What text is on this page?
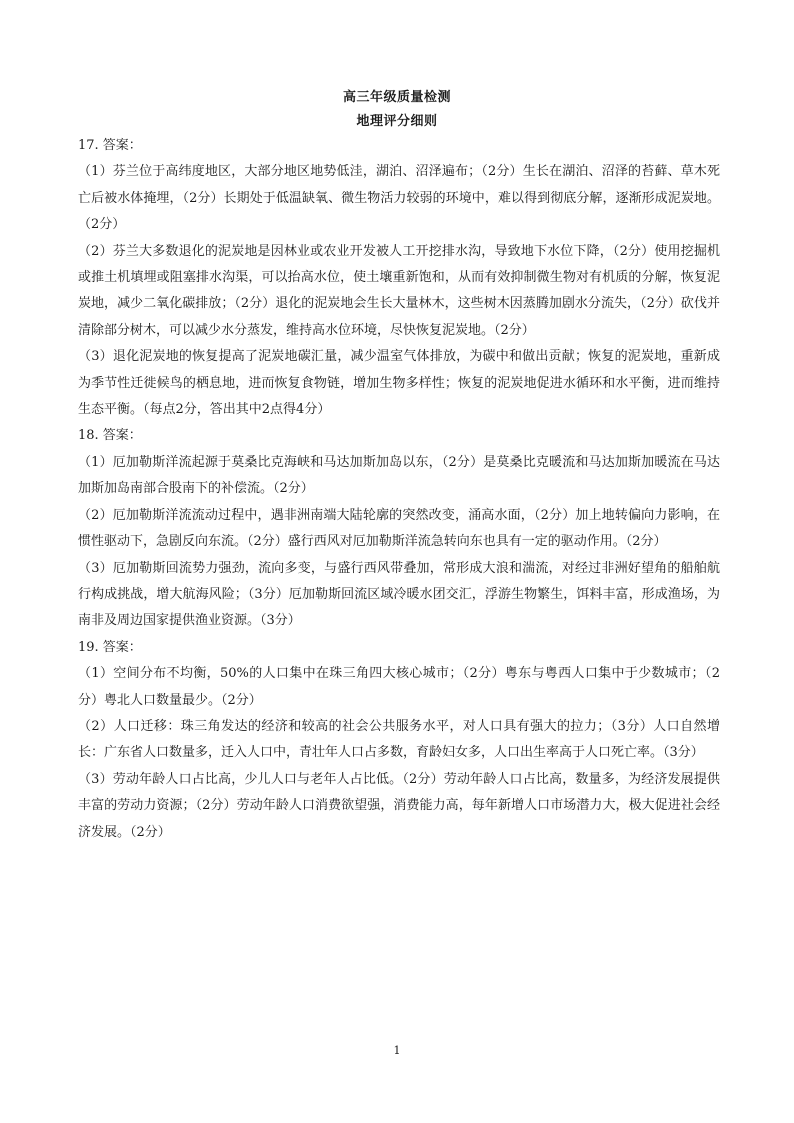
高三年级质量检测
地理评分细则

17. 答案：

（1）芬兰位于高纬度地区，大部分地区地势低洼，湖泊、沼泽遍布；（2分）生长在湖泊、沼泽的苔藓、草木死亡后被水体掩埋，（2分）长期处于低温缺氧、微生物活力较弱的环境中，难以得到彻底分解，逐渐形成泥炭地。（2分）

（2）芬兰大多数退化的泥炭地是因林业或农业开发被人工开挖排水沟，导致地下水位下降，（2分）使用挖掘机或推土机填埋或阻塞排水沟渠，可以抬高水位，使土壤重新饱和，从而有效抑制微生物对有机质的分解，恢复泥炭地，减少二氧化碳排放；（2分）退化的泥炭地会生长大量林木，这些树木因蒸腾加剧水分流失，（2分）砍伐并清除部分树木，可以减少水分蒸发，维持高水位环境，尽快恢复泥炭地。（2分）

（3）退化泥炭地的恢复提高了泥炭地碳汇量，减少温室气体排放，为碳中和做出贡献；恢复的泥炭地，重新成为季节性迁徙候鸟的栖息地，进而恢复食物链，增加生物多样性；恢复的泥炭地促进水循环和水平衡，进而维持生态平衡。（每点2分，答出其中2点得4分）

18. 答案：

（1）厄加勒斯洋流起源于莫桑比克海峡和马达加斯加岛以东，（2分）是莫桑比克暖流和马达加斯加暖流在马达加斯加岛南部合股南下的补偿流。（2分）

（2）厄加勒斯洋流流动过程中，遇非洲南端大陆轮廓的突然改变，涌高水面，（2分）加上地转偏向力影响，在惯性驱动下，急剧反向东流。（2分）盛行西风对厄加勒斯洋流急转向东也具有一定的驱动作用。（2分）

（3）厄加勒斯回流势力强劲，流向多变，与盛行西风带叠加，常形成大浪和湍流，对经过非洲好望角的船舶航行构成挑战，增大航海风险；（3分）厄加勒斯回流区域冷暖水团交汇，浮游生物繁生，饵料丰富，形成渔场，为南非及周边国家提供渔业资源。（3分）

19. 答案：

（1）空间分布不均衡，50%的人口集中在珠三角四大核心城市；（2分）粤东与粤西人口集中于少数城市；（2分）粤北人口数量最少。（2分）

（2）人口迁移：珠三角发达的经济和较高的社会公共服务水平，对人口具有强大的拉力；（3分）人口自然增长：广东省人口数量多，迁入人口中，青壮年人口占多数，育龄妇女多，人口出生率高于人口死亡率。（3分）

（3）劳动年龄人口占比高，少儿人口与老年人占比低。（2分）劳动年龄人口占比高，数量多，为经济发展提供丰富的劳动力资源；（2分）劳动年龄人口消费欲望强，消费能力高，每年新增人口市场潜力大，极大促进社会经济发展。（2分）

1
